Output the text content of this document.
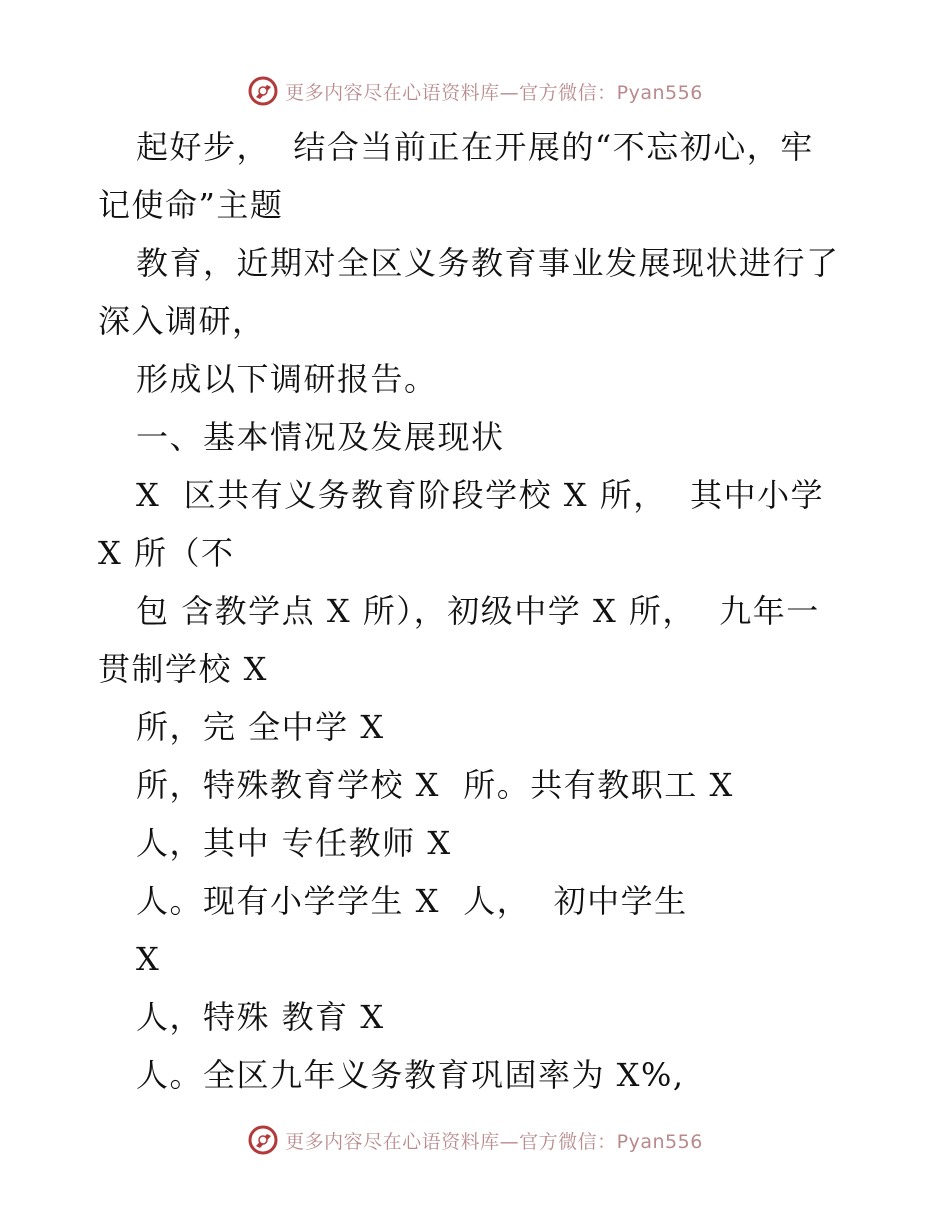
更多内容尽在心语资料库—官方微信：Pyan556
起好步，  结合当前正在开展的“不忘初心，牢
记使命”主题
教育，近期对全区义务教育事业发展现状进行了
深入调研，
形成以下调研报告。
一、基本情况及发展现状
X  区共有义务教育阶段学校 X 所，  其中小学
X 所（不
包 含教学点 X 所），初级中学 X 所，  九年一
贯制学校 X
所，完 全中学 X
所，特殊教育学校 X  所。共有教职工 X
人，其中 专任教师 X
人。现有小学学生 X  人，  初中学生
X
人，特殊 教育 X
人。全区九年义务教育巩固率为 X%,
更多内容尽在心语资料库—官方微信：Pyan556
